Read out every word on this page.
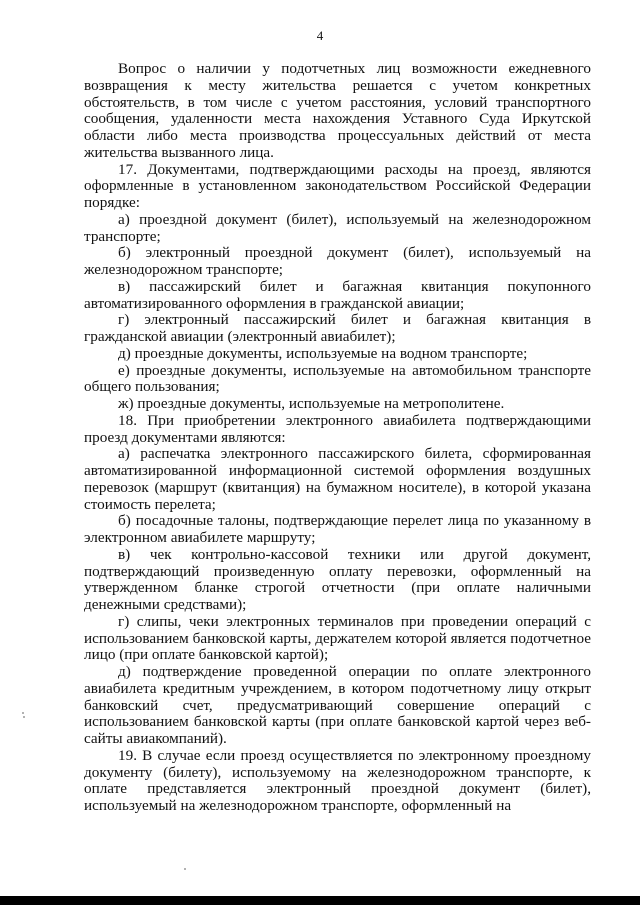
4

Вопрос о наличии у подотчетных лиц возможности ежедневного возвращения к месту жительства решается с учетом конкретных обстоятельств, в том числе с учетом расстояния, условий транспортного сообщения, удаленности места нахождения Уставного Суда Иркутской области либо места производства процессуальных действий от места жительства вызванного лица.

17. Документами, подтверждающими расходы на проезд, являются оформленные в установленном законодательством Российской Федерации порядке:

а) проездной документ (билет), используемый на железнодорожном транспорте;

б) электронный проездной документ (билет), используемый на железнодорожном транспорте;

в) пассажирский билет и багажная квитанция покупонного автоматизированного оформления в гражданской авиации;

г) электронный пассажирский билет и багажная квитанция в гражданской авиации (электронный авиабилет);

д) проездные документы, используемые на водном транспорте;

е) проездные документы, используемые на автомобильном транспорте общего пользования;

ж) проездные документы, используемые на метрополитене.

18. При приобретении электронного авиабилета подтверждающими проезд документами являются:

а) распечатка электронного пассажирского билета, сформированная автоматизированной информационной системой оформления воздушных перевозок (маршрут (квитанция) на бумажном носителе), в которой указана стоимость перелета;

б) посадочные талоны, подтверждающие перелет лица по указанному в электронном авиабилете маршруту;

в) чек контрольно-кассовой техники или другой документ, подтверждающий произведенную оплату перевозки, оформленный на утвержденном бланке строгой отчетности (при оплате наличными денежными средствами);

г) слипы, чеки электронных терминалов при проведении операций с использованием банковской карты, держателем которой является подотчетное лицо (при оплате банковской картой);

д) подтверждение проведенной операции по оплате электронного авиабилета кредитным учреждением, в котором подотчетному лицу открыт банковский счет, предусматривающий совершение операций с использованием банковской карты (при оплате банковской картой через веб-сайты авиакомпаний).

19. В случае если проезд осуществляется по электронному проездному документу (билету), используемому на железнодорожном транспорте, к оплате представляется электронный проездной документ (билет), используемый на железнодорожном транспорте, оформленный на
